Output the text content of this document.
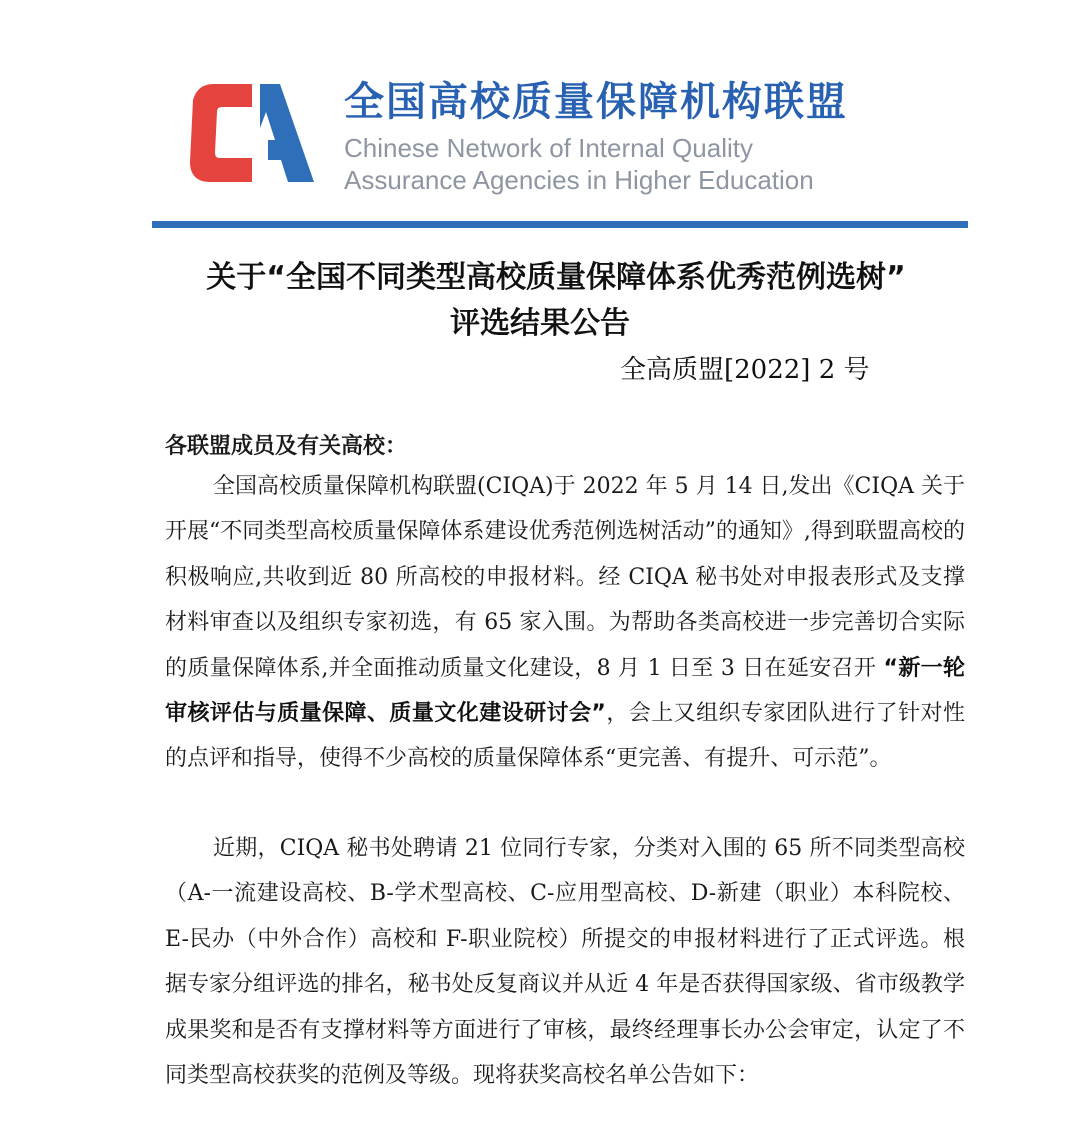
全国高校质量保障机构联盟
Chinese Network of Internal Quality
Assurance Agencies in Higher Education
关于“全国不同类型高校质量保障体系优秀范例选树”
评选结果公告
全高质盟[2022] 2 号
各联盟成员及有关高校：
全国高校质量保障机构联盟(CIQA)于 2022 年 5 月 14 日,发出《CIQA 关于开展“不同类型高校质量保障体系建设优秀范例选树活动”的通知》,得到联盟高校的积极响应,共收到近 80 所高校的申报材料。经 CIQA 秘书处对申报表形式及支撑材料审查以及组织专家初选，有 65 家入围。为帮助各类高校进一步完善切合实际的质量保障体系,并全面推动质量文化建设，8 月 1 日至 3 日在延安召开 “新一轮审核评估与质量保障、质量文化建设研讨会”，会上又组织专家团队进行了针对性的点评和指导，使得不少高校的质量保障体系“更完善、有提升、可示范”。
近期，CIQA 秘书处聘请 21 位同行专家，分类对入围的 65 所不同类型高校（A-一流建设高校、B-学术型高校、C-应用型高校、D-新建（职业）本科院校、E-民办（中外合作）高校和 F-职业院校）所提交的申报材料进行了正式评选。根据专家分组评选的排名，秘书处反复商议并从近 4 年是否获得国家级、省市级教学成果奖和是否有支撑材料等方面进行了审核，最终经理事长办公会审定，认定了不同类型高校获奖的范例及等级。现将获奖高校名单公告如下：
